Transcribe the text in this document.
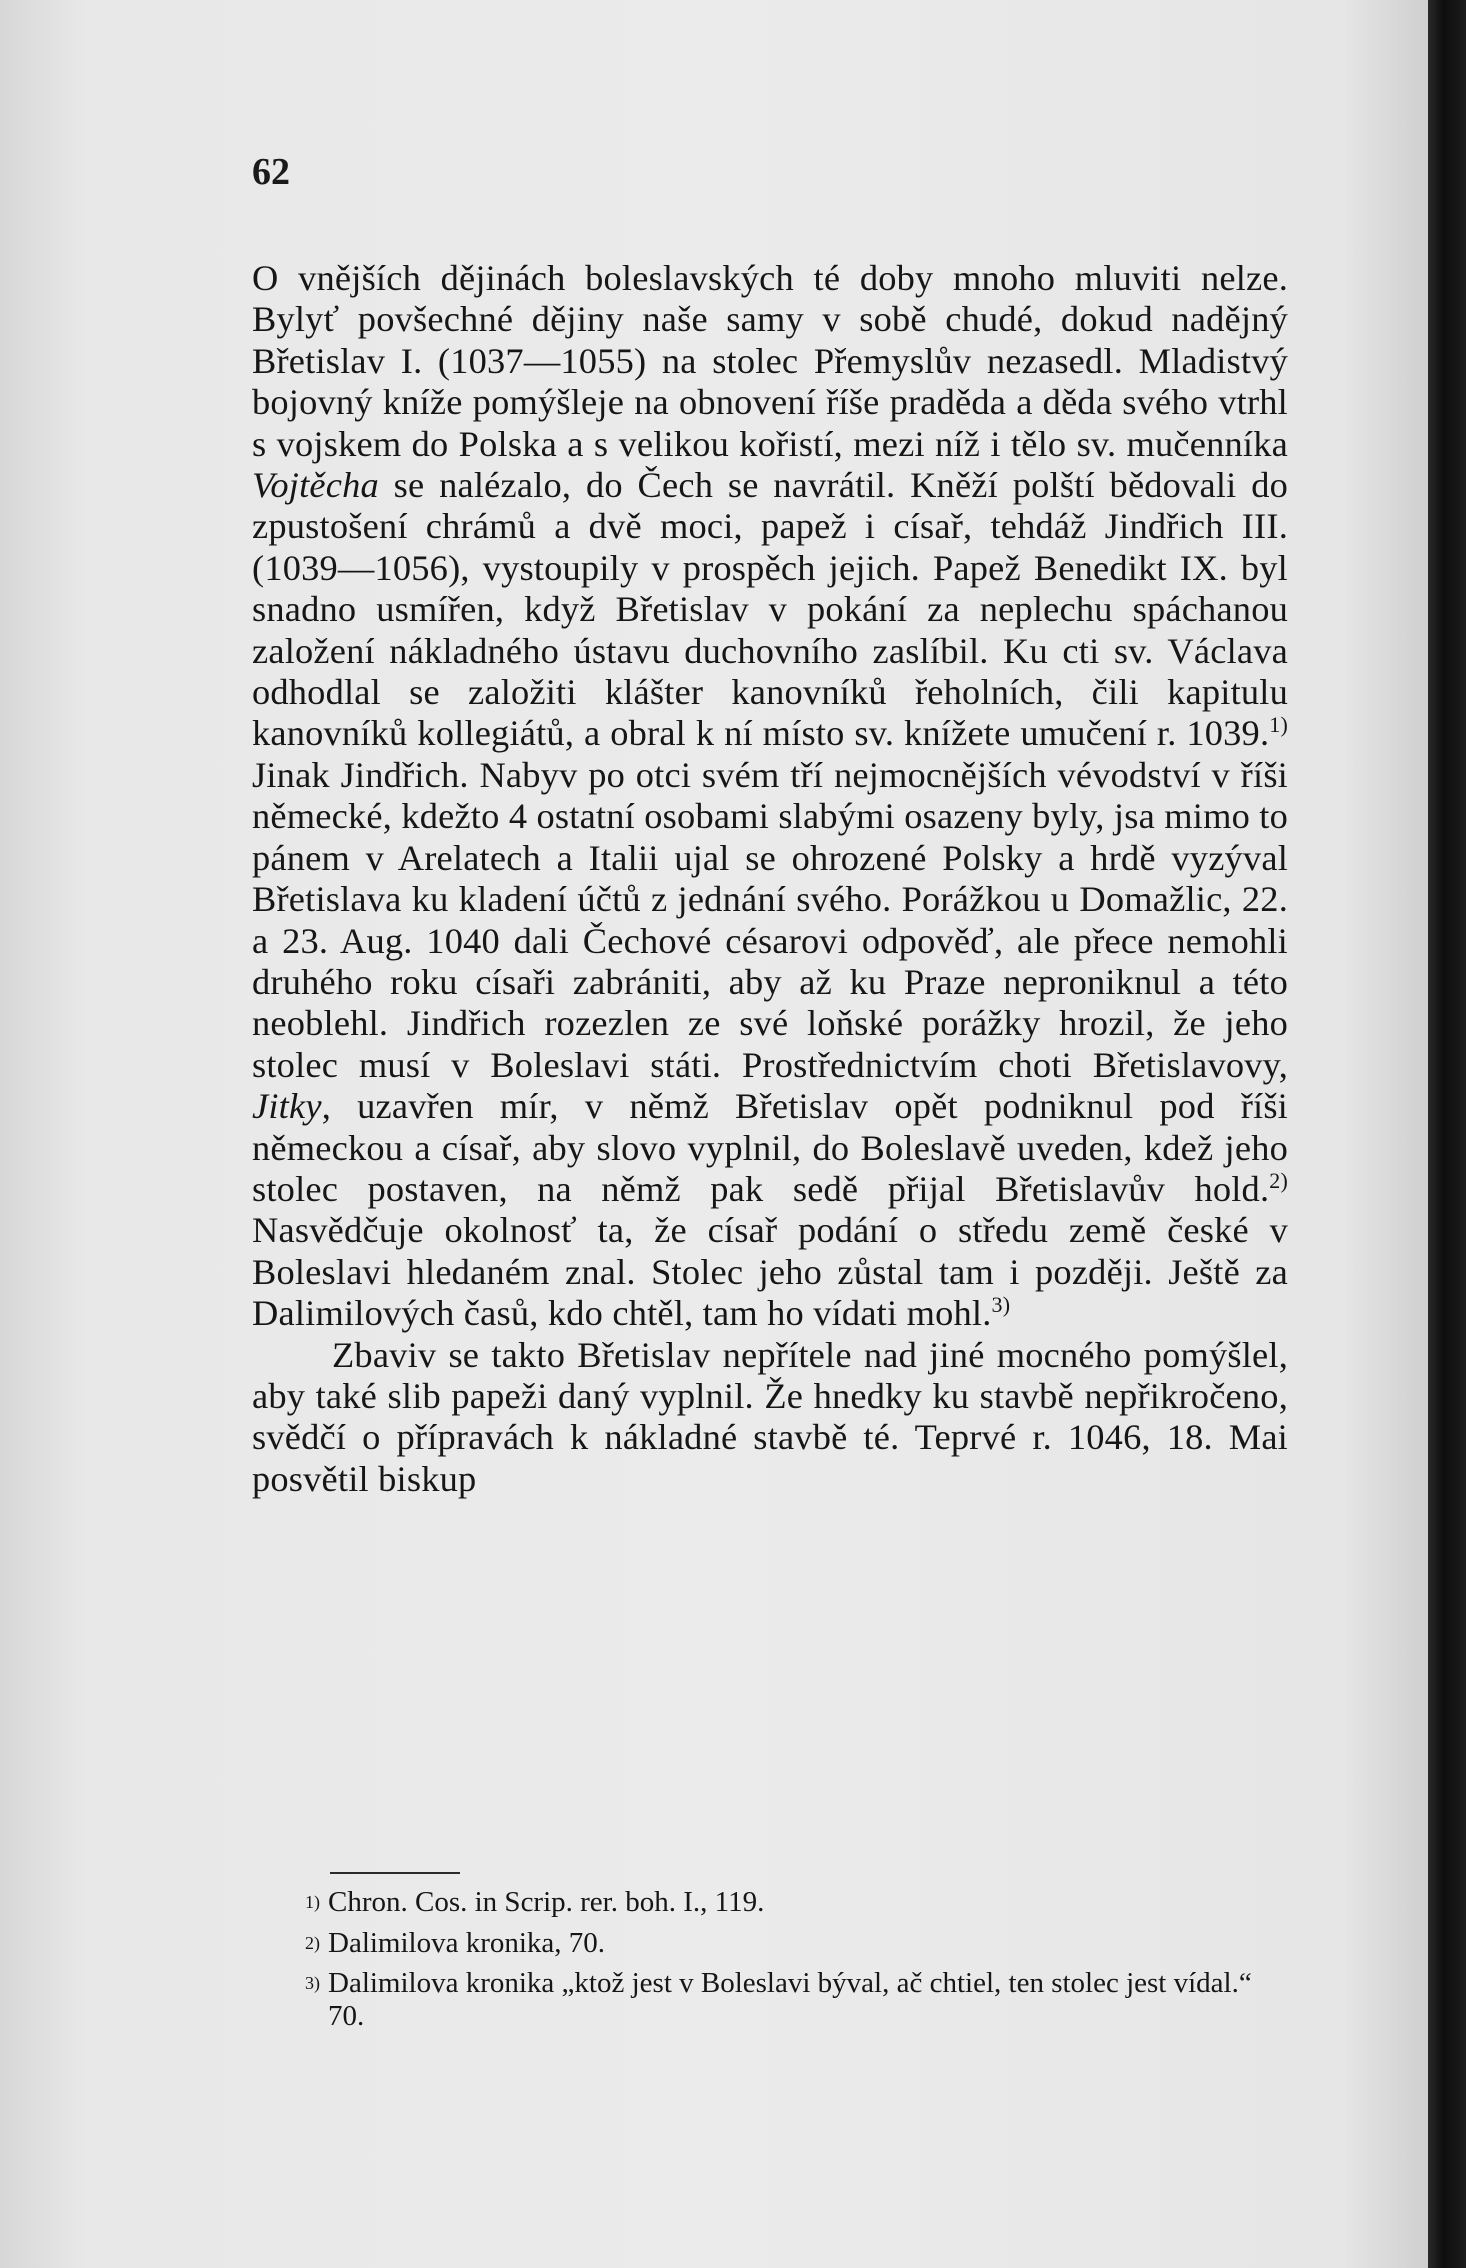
62

O vnějších dějinách boleslavských té doby mnoho mluviti nelze. Bylyť povšechné dějiny naše samy v sobě chudé, dokud nadějný Břetislav I. (1037—1055) na stolec Přemyslův nezasedl. Mladistvý bojovný kníže pomýšleje na obnovení říše praděda a děda svého vtrhl s vojskem do Polska a s velikou kořistí, mezi níž i tělo sv. mučenníka Vojtěcha se nalézalo, do Čech se navrátil. Kněží polští bědovali do zpustošení chrámů a dvě moci, papež i císař, tehdáž Jindřich III. (1039—1056), vystoupily v prospěch jejich. Papež Benedikt IX. byl snadno usmířen, když Břetislav v pokání za neplechu spáchanou založení nákladného ústavu duchovního zaslíbil. Ku cti sv. Václava odhodlal se založiti klášter kanovníků řeholních, čili kapitulu kanovníků kollegiátů, a obral k ní místo sv. knížete umučení r. 1039.$^{1)}$ Jinak Jindřich. Nabyv po otci svém tří nejmocnějších vévodství v říši německé, kdežto 4 ostatní osobami slabými osazeny byly, jsa mimo to pánem v Arelatech a Italii ujal se ohrozené Polsky a hrdě vyzýval Břetislava ku kladení účtů z jednání svého. Porážkou u Domažlic, 22. a 23. Aug. 1040 dali Čechové césarovi odpověď, ale přece nemohli druhého roku císaři zabrániti, aby až ku Praze neproniknul a této neoblehl. Jindřich rozezlen ze své loňské porážky hrozil, že jeho stolec musí v Boleslavi státi. Prostřednictvím choti Břetislavovy, Jitky, uzavřen mír, v němž Břetislav opět podniknul pod říši německou a císař, aby slovo vyplnil, do Boleslavě uveden, kdež jeho stolec postaven, na němž pak sedě přijal Břetislavův hold.$^{2)}$ Nasvědčuje okolnosť ta, že císař podání o středu země české v Boleslavi hledaném znal. Stolec jeho zůstal tam i později. Ještě za Dalimilových časů, kdo chtěl, tam ho vídati mohl.$^{3)}$

Zbaviv se takto Břetislav nepřítele nad jiné mocného pomýšlel, aby také slib papeži daný vyplnil. Že hnedky ku stavbě nepřikročeno, svědčí o přípravách k nákladné stavbě té. Teprvé r. 1046, 18. Mai posvětil biskup

$^{1)}$ Chron. Cos. in Scrip. rer. boh. I., 119.

$^{2)}$ Dalimilova kronika, 70.

$^{3)}$ Dalimilova kronika „ktož jest v Boleslavi býval, ač chtiel, ten stolec jest vídal.“ 70.
